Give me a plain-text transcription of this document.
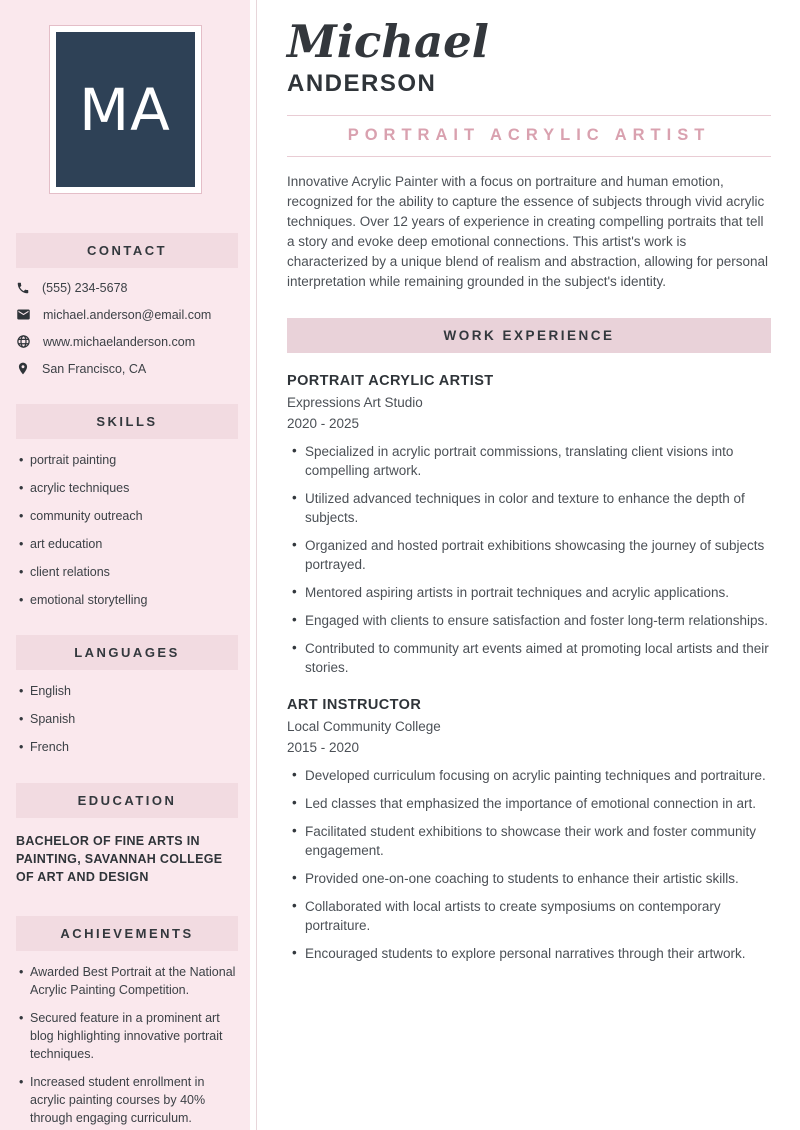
MA
CONTACT
(555) 234-5678
michael.anderson@email.com
www.michaelanderson.com
San Francisco, CA
SKILLS
• portrait painting
• acrylic techniques
• community outreach
• art education
• client relations
• emotional storytelling
LANGUAGES
• English
• Spanish
• French
EDUCATION
BACHELOR OF FINE ARTS IN PAINTING, SAVANNAH COLLEGE OF ART AND DESIGN
ACHIEVEMENTS
• Awarded Best Portrait at the National Acrylic Painting Competition.
• Secured feature in a prominent art blog highlighting innovative portrait techniques.
• Increased student enrollment in acrylic painting courses by 40% through engaging curriculum.
Michael
ANDERSON
PORTRAIT ACRYLIC ARTIST

Innovative Acrylic Painter with a focus on portraiture and human emotion, recognized for the ability to capture the essence of subjects through vivid acrylic techniques. Over 12 years of experience in creating compelling portraits that tell a story and evoke deep emotional connections. This artist's work is characterized by a unique blend of realism and abstraction, allowing for personal interpretation while remaining grounded in the subject's identity.

WORK EXPERIENCE
PORTRAIT ACRYLIC ARTIST
Expressions Art Studio
2020 - 2025
• Specialized in acrylic portrait commissions, translating client visions into compelling artwork.
• Utilized advanced techniques in color and texture to enhance the depth of subjects.
• Organized and hosted portrait exhibitions showcasing the journey of subjects portrayed.
• Mentored aspiring artists in portrait techniques and acrylic applications.
• Engaged with clients to ensure satisfaction and foster long-term relationships.
• Contributed to community art events aimed at promoting local artists and their stories.
ART INSTRUCTOR
Local Community College
2015 - 2020
• Developed curriculum focusing on acrylic painting techniques and portraiture.
• Led classes that emphasized the importance of emotional connection in art.
• Facilitated student exhibitions to showcase their work and foster community engagement.
• Provided one-on-one coaching to students to enhance their artistic skills.
• Collaborated with local artists to create symposiums on contemporary portraiture.
• Encouraged students to explore personal narratives through their artwork.
